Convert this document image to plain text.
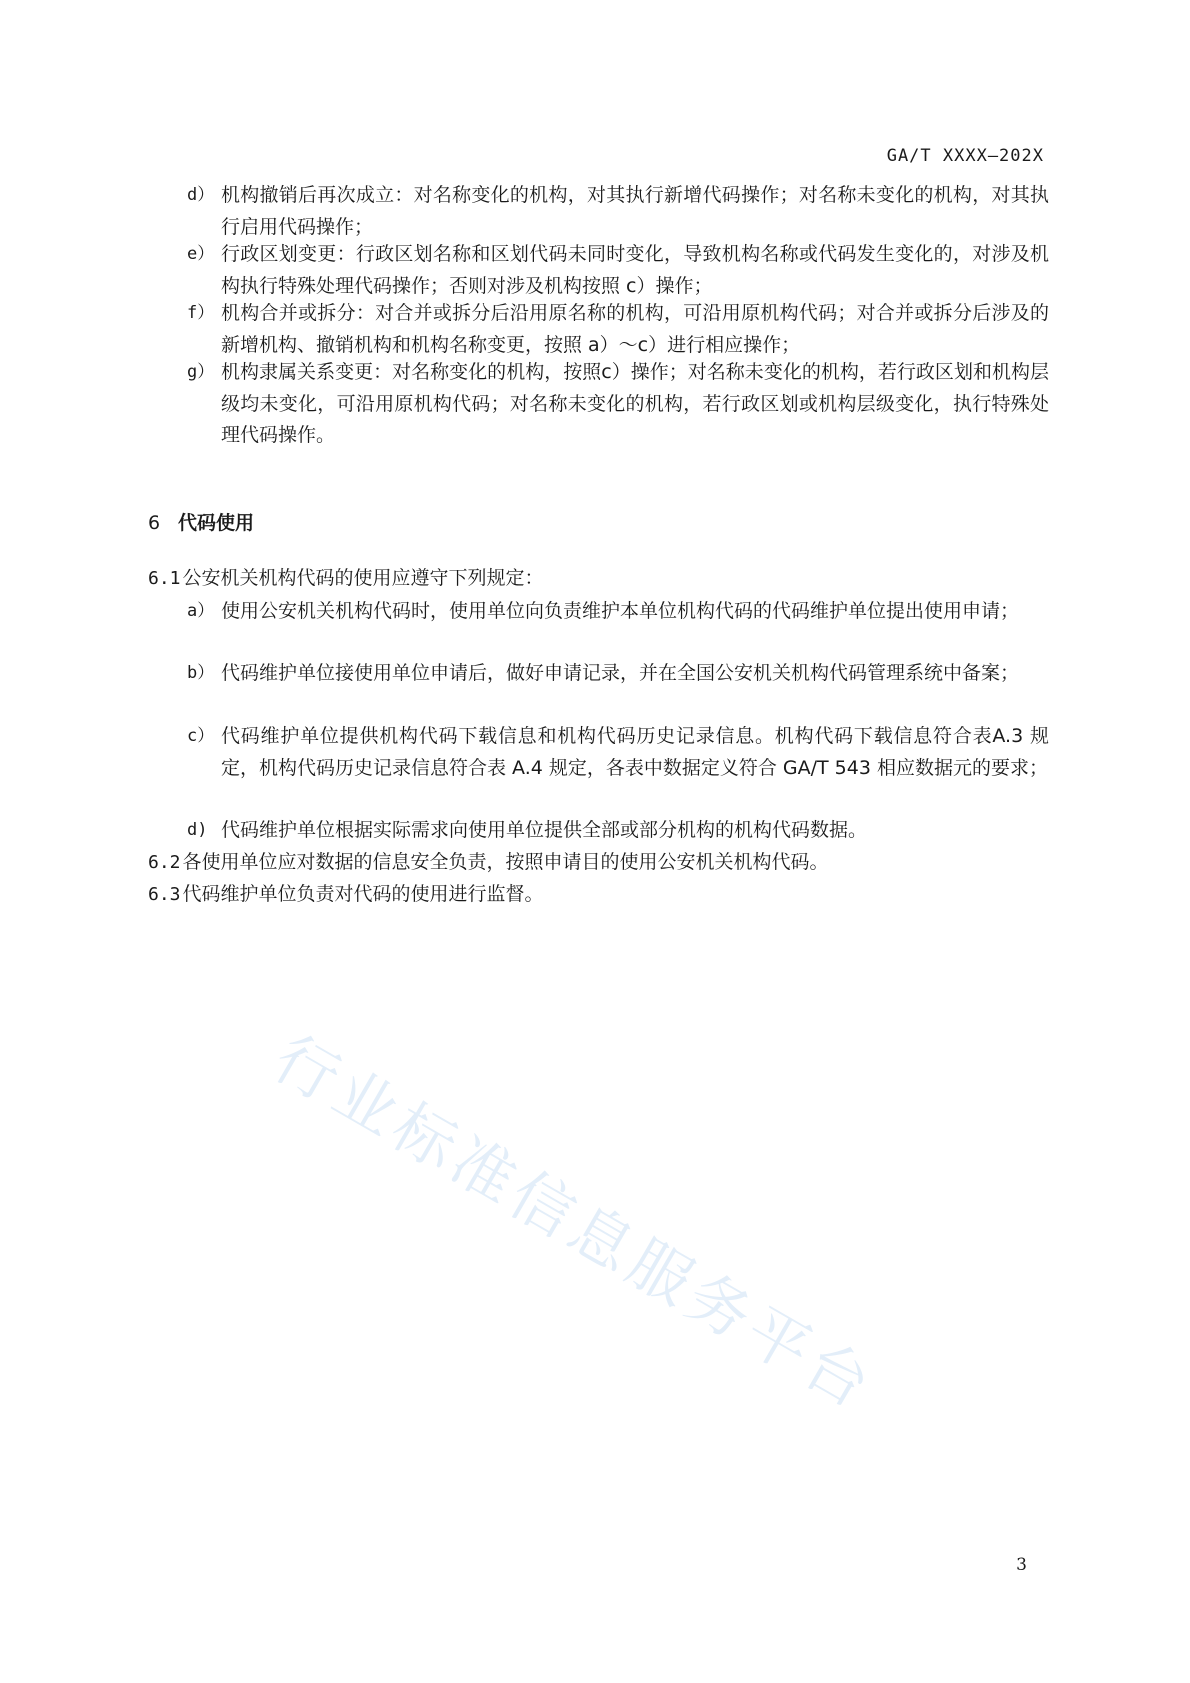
GA/T XXXX—202X
d） 机构撤销后再次成立：对名称变化的机构，对其执行新增代码操作；对名称未变化的机构，对其执行启用代码操作；
e） 行政区划变更：行政区划名称和区划代码未同时变化，导致机构名称或代码发生变化的，对涉及机构执行特殊处理代码操作；否则对涉及机构按照 c）操作；
f） 机构合并或拆分：对合并或拆分后沿用原名称的机构，可沿用原机构代码；对合并或拆分后涉及的新增机构、撤销机构和机构名称变更，按照 a）～c）进行相应操作；
g） 机构隶属关系变更：对名称变化的机构，按照c）操作；对名称未变化的机构，若行政区划和机构层级均未变化，可沿用原机构代码；对名称未变化的机构，若行政区划或机构层级变化，执行特殊处理代码操作。
6 代码使用
6.1 公安机关机构代码的使用应遵守下列规定：
a） 使用公安机关机构代码时，使用单位向负责维护本单位机构代码的代码维护单位提出使用申请；
b） 代码维护单位接使用单位申请后，做好申请记录，并在全国公安机关机构代码管理系统中备案；
c） 代码维护单位提供机构代码下载信息和机构代码历史记录信息。机构代码下载信息符合表A.3 规定，机构代码历史记录信息符合表 A.4 规定，各表中数据定义符合 GA/T 543 相应数据元的要求；
d) 代码维护单位根据实际需求向使用单位提供全部或部分机构的机构代码数据。
6.2 各使用单位应对数据的信息安全负责，按照申请目的使用公安机关机构代码。
6.3 代码维护单位负责对代码的使用进行监督。
行业标准信息服务平台
3
